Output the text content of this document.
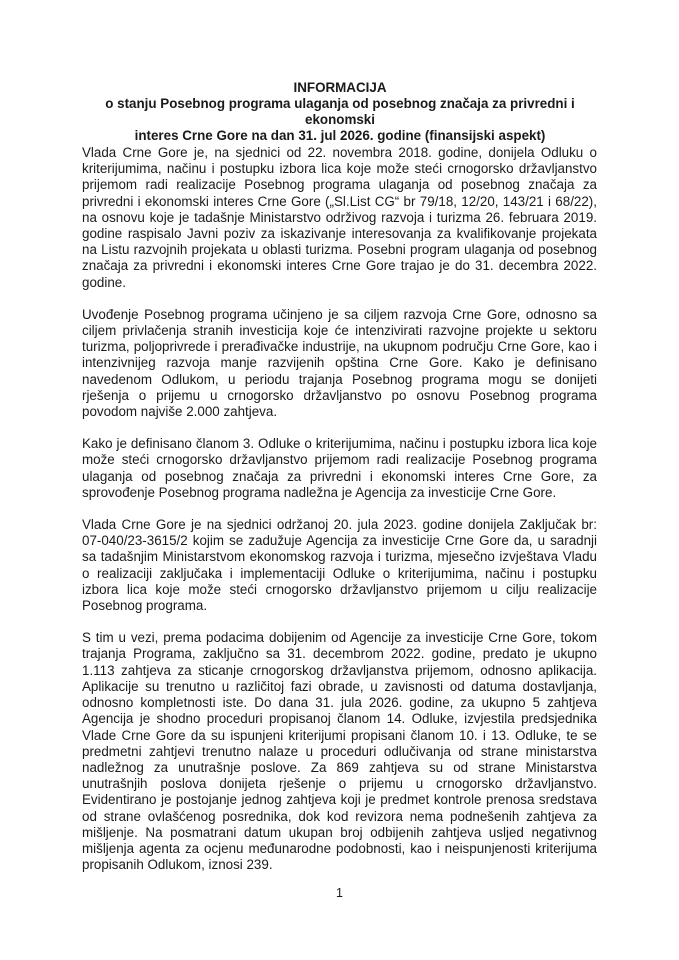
INFORMACIJA
o stanju Posebnog programa ulaganja od posebnog značaja za privredni i ekonomski
interes Crne Gore na dan 31. jul 2026. godine (finansijski aspekt)

Vlada Crne Gore je, na sjednici od 22. novembra 2018. godine, donijela Odluku o kriterijumima, načinu i postupku izbora lica koje može steći crnogorsko državljanstvo prijemom radi realizacije Posebnog programa ulaganja od posebnog značaja za privredni i ekonomski interes Crne Gore („Sl.List CG“ br 79/18, 12/20, 143/21 i 68/22), na osnovu koje je tadašnje Ministarstvo održivog razvoja i turizma 26. februara 2019. godine raspisalo Javni poziv za iskazivanje interesovanja za kvalifikovanje projekata na Listu razvojnih projekata u oblasti turizma. Posebni program ulaganja od posebnog značaja za privredni i ekonomski interes Crne Gore trajao je do 31. decembra 2022. godine.

Uvođenje Posebnog programa učinjeno je sa ciljem razvoja Crne Gore, odnosno sa ciljem privlačenja stranih investicija koje će intenzivirati razvojne projekte u sektoru turizma, poljoprivrede i prerađivačke industrije, na ukupnom području Crne Gore, kao i intenzivnijeg razvoja manje razvijenih opština Crne Gore. Kako je definisano navedenom Odlukom, u periodu trajanja Posebnog programa mogu se donijeti rješenja o prijemu u crnogorsko državljanstvo po osnovu Posebnog programa povodom najviše 2.000 zahtjeva.

Kako je definisano članom 3. Odluke o kriterijumima, načinu i postupku izbora lica koje može steći crnogorsko državljanstvo prijemom radi realizacije Posebnog programa ulaganja od posebnog značaja za privredni i ekonomski interes Crne Gore, za sprovođenje Posebnog programa nadležna je Agencija za investicije Crne Gore.

Vlada Crne Gore je na sjednici održanoj 20. jula 2023. godine donijela Zaključak br: 07-040/23-3615/2 kojim se zadužuje Agencija za investicije Crne Gore da, u saradnji sa tadašnjim Ministarstvom ekonomskog razvoja i turizma, mjesečno izvještava Vladu o realizaciji zaključaka i implementaciji Odluke o kriterijumima, načinu i postupku izbora lica koje može steći crnogorsko državljanstvo prijemom u cilju realizacije Posebnog programa.

S tim u vezi, prema podacima dobijenim od Agencije za investicije Crne Gore, tokom trajanja Programa, zaključno sa 31. decembrom 2022. godine, predato je ukupno 1.113 zahtjeva za sticanje crnogorskog državljanstva prijemom, odnosno aplikacija. Aplikacije su trenutno u različitoj fazi obrade, u zavisnosti od datuma dostavljanja, odnosno kompletnosti iste. Do dana 31. jula 2026. godine, za ukupno 5 zahtjeva Agencija je shodno proceduri propisanoj članom 14. Odluke, izvjestila predsjednika Vlade Crne Gore da su ispunjeni kriterijumi propisani članom 10. i 13. Odluke, te se predmetni zahtjevi trenutno nalaze u proceduri odlučivanja od strane ministarstva nadležnog za unutrašnje poslove. Za 869 zahtjeva su od strane Ministarstva unutrašnjih poslova donijeta rješenje o prijemu u crnogorsko državljanstvo. Evidentirano je postojanje jednog zahtjeva koji je predmet kontrole prenosa sredstava od strane ovlašćenog posrednika, dok kod revizora nema podnešenih zahtjeva za mišljenje. Na posmatrani datum ukupan broj odbijenih zahtjeva usljed negativnog mišljenja agenta za ocjenu međunarodne podobnosti, kao i neispunjenosti kriterijuma propisanih Odlukom, iznosi 239.

1
